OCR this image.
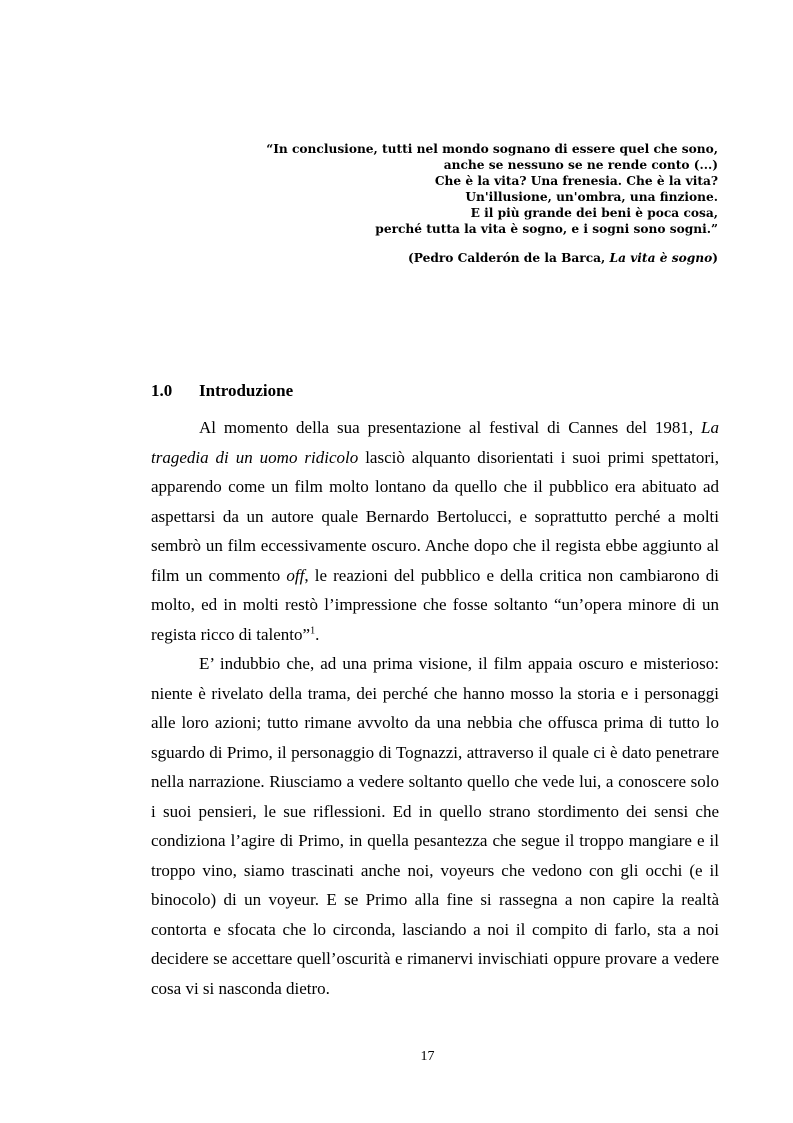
“In conclusione, tutti nel mondo sognano di essere quel che sono,
anche se nessuno se ne rende conto (...)
Che è la vita? Una frenesia. Che è la vita?
Un'illusione, un'ombra, una finzione.
E il più grande dei beni è poca cosa,
perché tutta la vita è sogno, e i sogni sono sogni.”
(Pedro Calderón de la Barca, La vita è sogno)
1.0 Introduzione

Al momento della sua presentazione al festival di Cannes del 1981, La tragedia di un uomo ridicolo lasciò alquanto disorientati i suoi primi spettatori, apparendo come un film molto lontano da quello che il pubblico era abituato ad aspettarsi da un autore quale Bernardo Bertolucci, e soprattutto perché a molti sembrò un film eccessivamente oscuro. Anche dopo che il regista ebbe aggiunto al film un commento off, le reazioni del pubblico e della critica non cambiarono di molto, ed in molti restò l’impressione che fosse soltanto “un’opera minore di un regista ricco di talento”$^1$.

E’ indubbio che, ad una prima visione, il film appaia oscuro e misterioso: niente è rivelato della trama, dei perché che hanno mosso la storia e i personaggi alle loro azioni; tutto rimane avvolto da una nebbia che offusca prima di tutto lo sguardo di Primo, il personaggio di Tognazzi, attraverso il quale ci è dato penetrare nella narrazione. Riusciamo a vedere soltanto quello che vede lui, a conoscere solo i suoi pensieri, le sue riflessioni. Ed in quello strano stordimento dei sensi che condiziona l’agire di Primo, in quella pesantezza che segue il troppo mangiare e il troppo vino, siamo trascinati anche noi, voyeurs che vedono con gli occhi (e il binocolo) di un voyeur. E se Primo alla fine si rassegna a non capire la realtà contorta e sfocata che lo circonda, lasciando a noi il compito di farlo, sta a noi decidere se accettare quell’oscurità e rimanervi invischiati oppure provare a vedere cosa vi si nasconda dietro.

17
